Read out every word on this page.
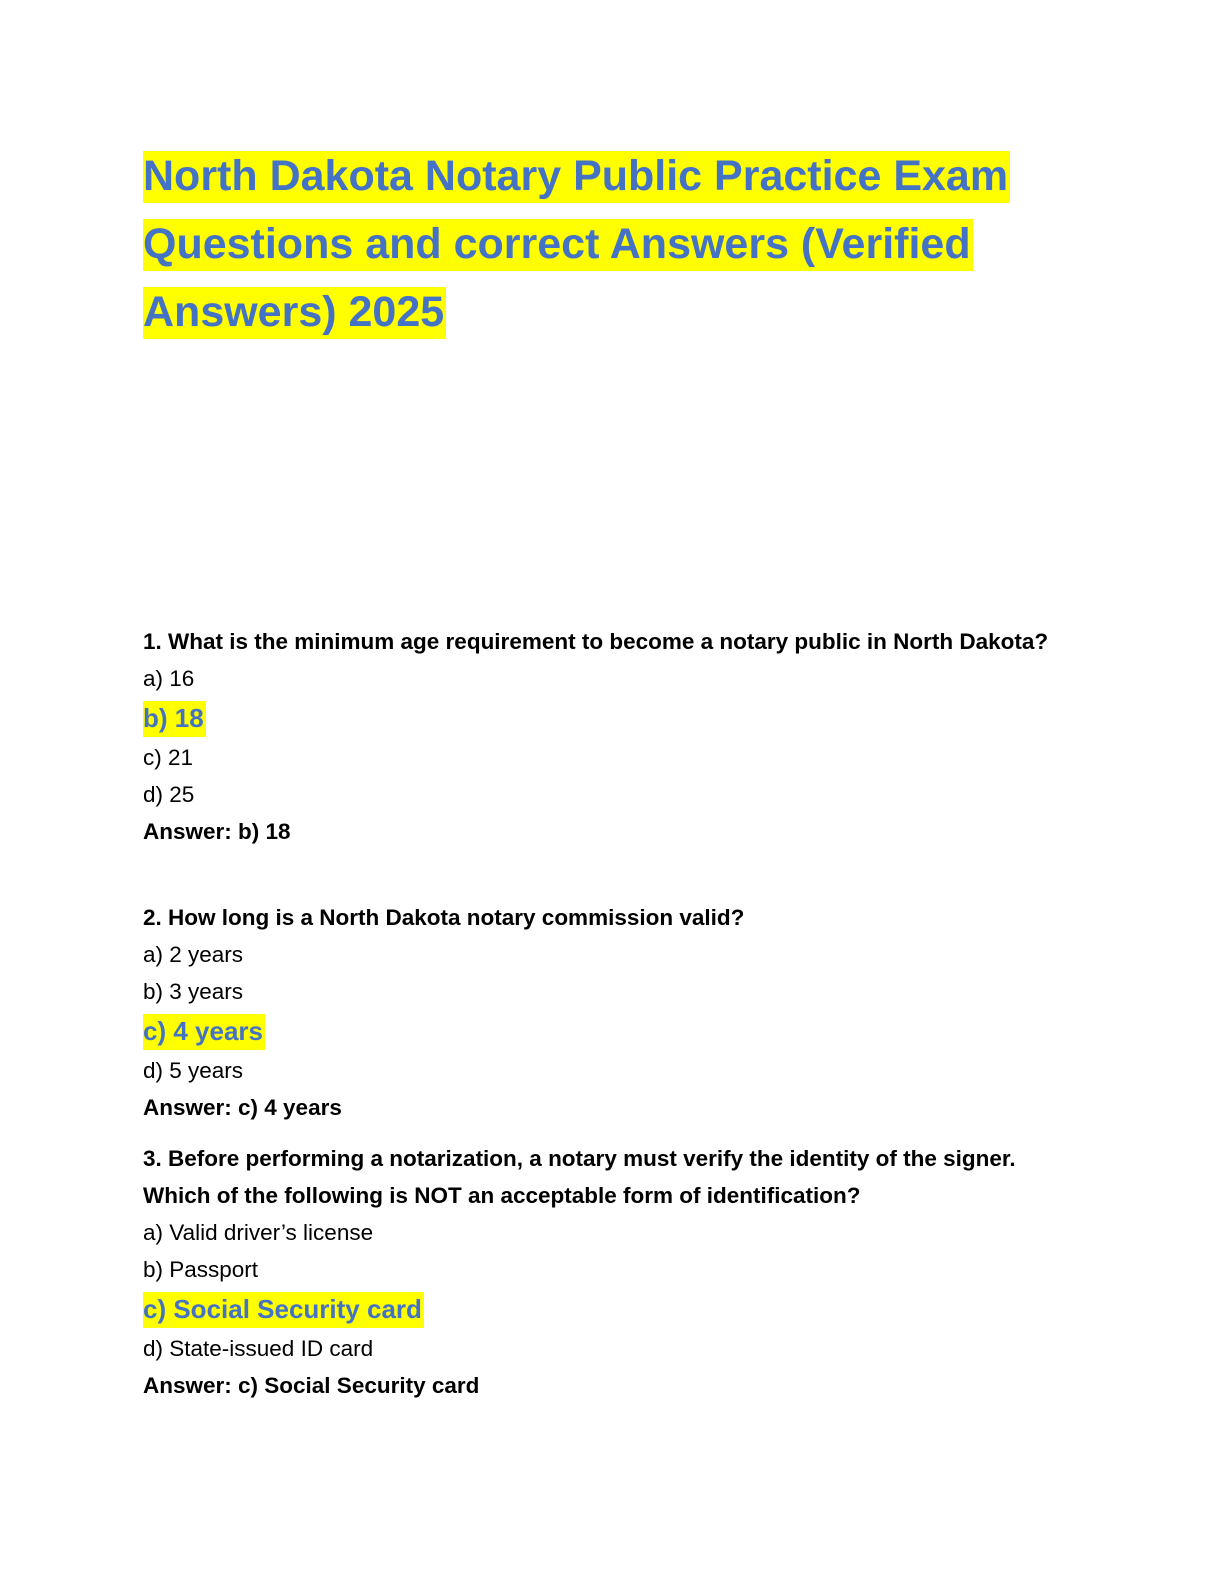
North Dakota Notary Public Practice Exam
Questions and correct Answers (Verified
Answers) 2025

1. What is the minimum age requirement to become a notary public in North Dakota?

a) 16

b) 18

c) 21

d) 25

Answer: b) 18

2. How long is a North Dakota notary commission valid?

a) 2 years

b) 3 years

c) 4 years

d) 5 years

Answer: c) 4 years

3. Before performing a notarization, a notary must verify the identity of the signer. Which of the following is NOT an acceptable form of identification?

a) Valid driver’s license

b) Passport

c) Social Security card

d) State-issued ID card

Answer: c) Social Security card
